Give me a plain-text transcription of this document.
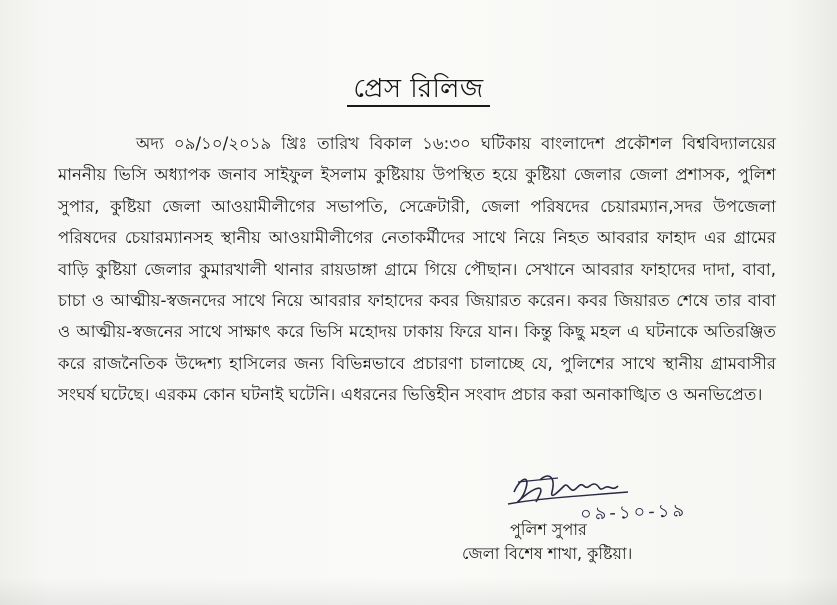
প্রেস রিলিজ

অদ্য ০৯/১০/২০১৯ খ্রিঃ তারিখ বিকাল ১৬:৩০ ঘটিকায় বাংলাদেশ প্রকৌশল বিশ্ববিদ্যালয়ের মাননীয় ভিসি অধ্যাপক জনাব সাইফুল ইসলাম কুষ্টিয়ায় উপস্থিত হয়ে কুষ্টিয়া জেলার জেলা প্রশাসক, পুলিশ সুপার, কুষ্টিয়া জেলা আওয়ামীলীগের সভাপতি, সেক্রেটারী, জেলা পরিষদের চেয়ারম্যান,সদর উপজেলা পরিষদের চেয়ারম্যানসহ স্থানীয় আওয়ামীলীগের নেতাকর্মীদের সাথে নিয়ে নিহত আবরার ফাহাদ এর গ্রামের বাড়ি কুষ্টিয়া জেলার কুমারখালী থানার রায়ডাঙ্গা গ্রামে গিয়ে পৌছান। সেখানে আবরার ফাহাদের দাদা, বাবা, চাচা ও আত্মীয়-স্বজনদের সাথে নিয়ে আবরার ফাহাদের কবর জিয়ারত করেন। কবর জিয়ারত শেষে তার বাবা ও আত্মীয়-স্বজনের সাথে সাক্ষাৎ করে ভিসি মহোদয় ঢাকায় ফিরে যান। কিন্তু কিছু মহল এ ঘটনাকে অতিরঞ্জিত করে রাজনৈতিক উদ্দেশ্য হাসিলের জন্য বিভিন্নভাবে প্রচারণা চালাচ্ছে যে, পুলিশের সাথে স্থানীয় গ্রামবাসীর সংঘর্ষ ঘটেছে। এরকম কোন ঘটনাই ঘটেনি। এধরনের ভিত্তিহীন সংবাদ প্রচার করা অনাকাঙ্খিত ও অনভিপ্রেত।

০৯-১০-১৯
পুলিশ সুপার
জেলা বিশেষ শাখা, কুষ্টিয়া।
